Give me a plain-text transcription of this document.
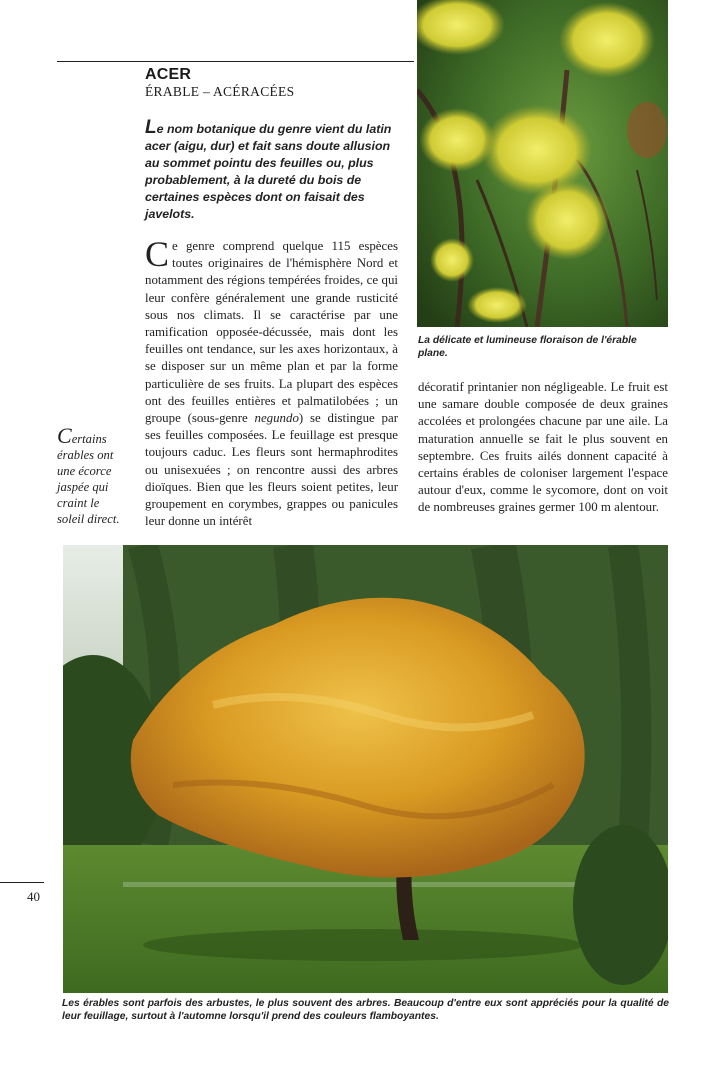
ACER
ÉRABLE – ACÉRACÉES
Le nom botanique du genre vient du latin acer (aigu, dur) et fait sans doute allusion au sommet pointu des feuilles ou, plus probablement, à la dureté du bois de certaines espèces dont on faisait des javelots.
Ce genre comprend quelque 115 espèces toutes originaires de l'hémisphère Nord et notamment des régions tempérées froides, ce qui leur confère généralement une grande rusticité sous nos climats. Il se caractérise par une ramification opposée-décussée, mais dont les feuilles ont tendance, sur les axes horizontaux, à se disposer sur un même plan et par la forme particulière de ses fruits. La plupart des espèces ont des feuilles entières et palmatilobées ; un groupe (sous-genre negundo) se distingue par ses feuilles composées. Le feuillage est presque toujours caduc. Les fleurs sont hermaphrodites ou unisexuées ; on rencontre aussi des arbres dioïques. Bien que les fleurs soient petites, leur groupement en corymbes, grappes ou panicules leur donne un intérêt
décoratif printanier non négligeable. Le fruit est une samare double composée de deux graines accolées et prolongées chacune par une aile. La maturation annuelle se fait le plus souvent en septembre. Ces fruits ailés donnent capacité à certains érables de coloniser largement l'espace autour d'eux, comme le sycomore, dont on voit de nombreuses graines germer 100 m alentour.
Certains érables ont une écorce jaspée qui craint le soleil direct.
La délicate et lumineuse floraison de l'érable plane.
Les érables sont parfois des arbustes, le plus souvent des arbres. Beaucoup d'entre eux sont appréciés pour la qualité de leur feuillage, surtout à l'automne lorsqu'il prend des couleurs flamboyantes.
40
